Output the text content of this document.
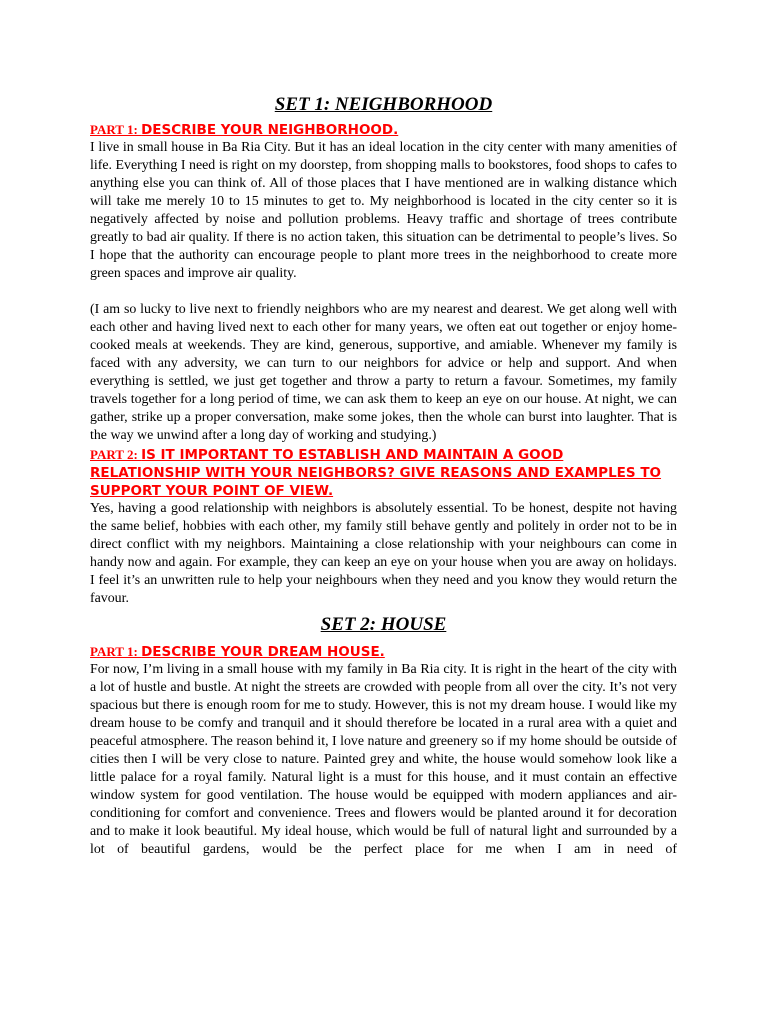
SET 1: NEIGHBORHOOD

PART 1: DESCRIBE YOUR NEIGHBORHOOD.

I live in small house in Ba Ria City. But it has an ideal location in the city center with many amenities of life. Everything I need is right on my doorstep, from shopping malls to bookstores, food shops to cafes to anything else you can think of. All of those places that I have mentioned are in walking distance which will take me merely 10 to 15 minutes to get to. My neighborhood is located in the city center so it is negatively affected by noise and pollution problems. Heavy traffic and shortage of trees contribute greatly to bad air quality. If there is no action taken, this situation can be detrimental to people’s lives. So I hope that the authority can encourage people to plant more trees in the neighborhood to create more green spaces and improve air quality.

(I am so lucky to live next to friendly neighbors who are my nearest and dearest. We get along well with each other and having lived next to each other for many years, we often eat out together or enjoy home-cooked meals at weekends. They are kind, generous, supportive, and amiable. Whenever my family is faced with any adversity, we can turn to our neighbors for advice or help and support. And when everything is settled, we just get together and throw a party to return a favour. Sometimes, my family travels together for a long period of time, we can ask them to keep an eye on our house. At night, we can gather, strike up a proper conversation, make some jokes, then the whole can burst into laughter. That is the way we unwind after a long day of working and studying.)

PART 2: IS IT IMPORTANT TO ESTABLISH AND MAINTAIN A GOOD RELATIONSHIP WITH YOUR NEIGHBORS? GIVE REASONS AND EXAMPLES TO SUPPORT YOUR POINT OF VIEW.

Yes, having a good relationship with neighbors is absolutely essential. To be honest, despite not having the same belief, hobbies with each other, my family still behave gently and politely in order not to be in direct conflict with my neighbors. Maintaining a close relationship with your neighbours can come in handy now and again. For example, they can keep an eye on your house when you are away on holidays. I feel it’s an unwritten rule to help your neighbours when they need and you know they would return the favour.

SET 2: HOUSE

PART 1: DESCRIBE YOUR DREAM HOUSE.

For now, I’m living in a small house with my family in Ba Ria city. It is right in the heart of the city with a lot of hustle and bustle. At night the streets are crowded with people from all over the city. It’s not very spacious but there is enough room for me to study. However, this is not my dream house. I would like my dream house to be comfy and tranquil and it should therefore be located in a rural area with a quiet and peaceful atmosphere. The reason behind it, I love nature and greenery so if my home should be outside of cities then I will be very close to nature. Painted grey and white, the house would somehow look like a little palace for a royal family. Natural light is a must for this house, and it must contain an effective window system for good ventilation. The house would be equipped with modern appliances and air-conditioning for comfort and convenience. Trees and flowers would be planted around it for decoration and to make it look beautiful. My ideal house, which would be full of natural light and surrounded by a lot of beautiful gardens, would be the perfect place for me when I am in need of
